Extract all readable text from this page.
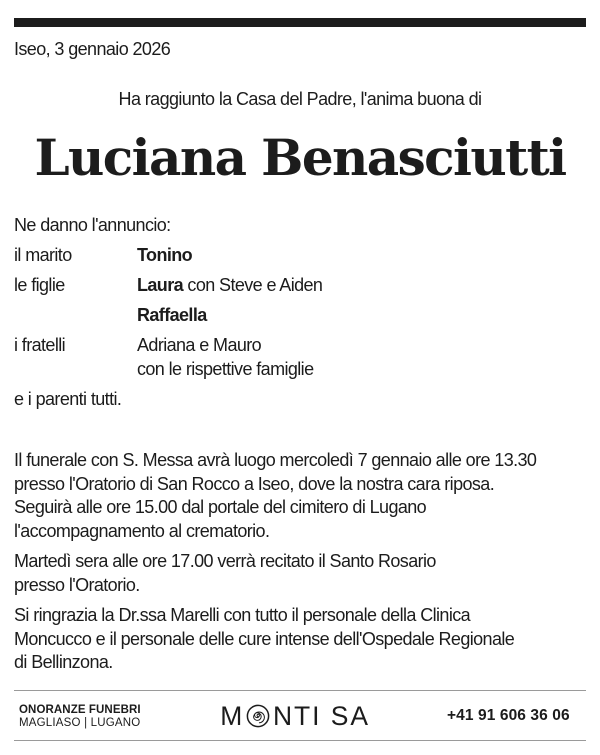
Iseo, 3 gennaio 2026
Ha raggiunto la Casa del Padre, l'anima buona di
Luciana Benasciutti
Ne danno l'annuncio:
il marito	Tonino
le figlie	Laura con Steve e Aiden
Raffaella
i fratelli	Adriana e Mauro
con le rispettive famiglie
e i parenti tutti.

Il funerale con S. Messa avrà luogo mercoledì 7 gennaio alle ore 13.30
presso l'Oratorio di San Rocco a Iseo, dove la nostra cara riposa.
Seguirà alle ore 15.00 dal portale del cimitero di Lugano
l'accompagnamento al crematorio.

Martedì sera alle ore 17.00 verrà recitato il Santo Rosario
presso l'Oratorio.

Si ringrazia la Dr.ssa Marelli con tutto il personale della Clinica
Moncucco e il personale delle cure intense dell'Ospedale Regionale
di Bellinzona.

ONORANZE FUNEBRI
MAGLIASO | LUGANO	M NTI SA	+41 91 606 36 06
